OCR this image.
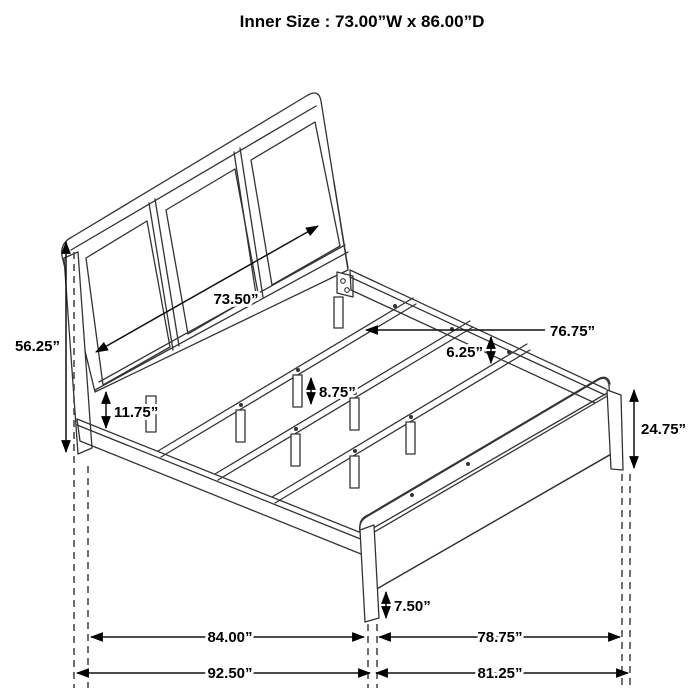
Inner Size : 73.00”W x 86.00”D
73.50”
56.25”
11.75”
8.75”
76.75”
6.25”
24.75”
7.50”
84.00”	78.75”
92.50”	81.25”
